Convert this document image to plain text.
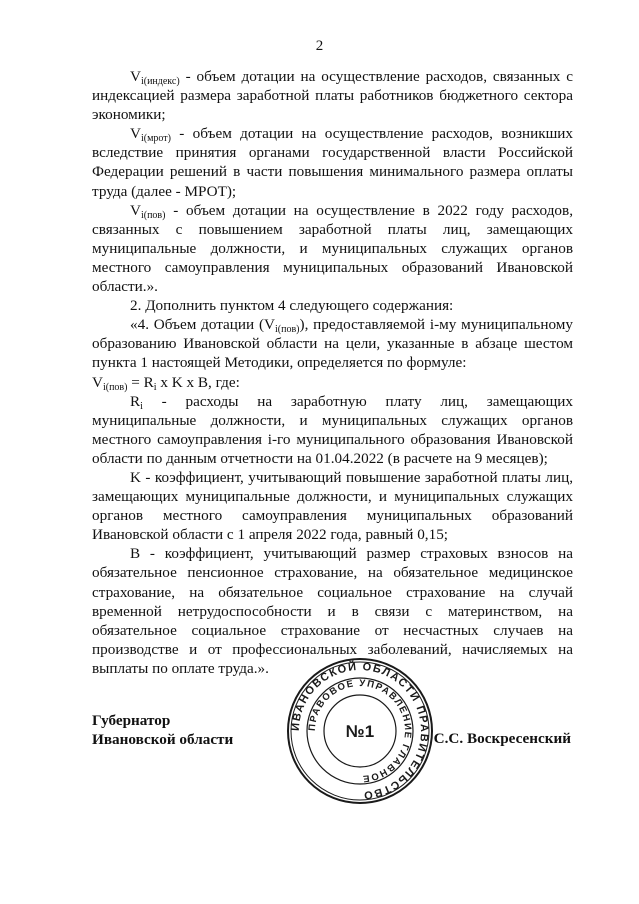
2

$V_{i(индекс)}$ - объем дотации на осуществление расходов, связанных с индексацией размера заработной платы работников бюджетного сектора экономики;

$V_{i(мрот)}$ - объем дотации на осуществление расходов, возникших вследствие принятия органами государственной власти Российской Федерации решений в части повышения минимального размера оплаты труда (далее - МРОТ);

$V_{i(пов)}$ - объем дотации на осуществление в 2022 году расходов, связанных с повышением заработной платы лиц, замещающих муниципальные должности, и муниципальных служащих органов местного самоуправления муниципальных образований Ивановской области.».

2. Дополнить пунктом 4 следующего содержания:

«4. Объем дотации $(V_{i(пов)})$, предоставляемой i-му муниципальному образованию Ивановской области на цели, указанные в абзаце шестом пункта 1 настоящей Методики, определяется по формуле:

$V_{i(пов)} = R_i$ x K x B, где:

$R_i$ - расходы на заработную плату лиц, замещающих муниципальные должности, и муниципальных служащих органов местного самоуправления i-го муниципального образования Ивановской области по данным отчетности на 01.04.2022 (в расчете на 9 месяцев);

K - коэффициент, учитывающий повышение заработной платы лиц, замещающих муниципальные должности, и муниципальных служащих органов местного самоуправления муниципальных образований Ивановской области с 1 апреля 2022 года, равный 0,15;

B - коэффициент, учитывающий размер страховых взносов на обязательное пенсионное страхование, на обязательное медицинское страхование, на обязательное социальное страхование на случай временной нетрудоспособности и в связи с материнством, на обязательное социальное страхование от несчастных случаев на производстве и от профессиональных заболеваний, начисляемых на выплаты по оплате труда.».

Губернатор
Ивановской области	С.С. Воскресенский
ИВАНОВСКОЙ ОБЛАСТИ ПРАВИТЕЛЬСТВО
ПРАВОВОЕ УПРАВЛЕНИЕ ГЛАВНОЕ
№1
